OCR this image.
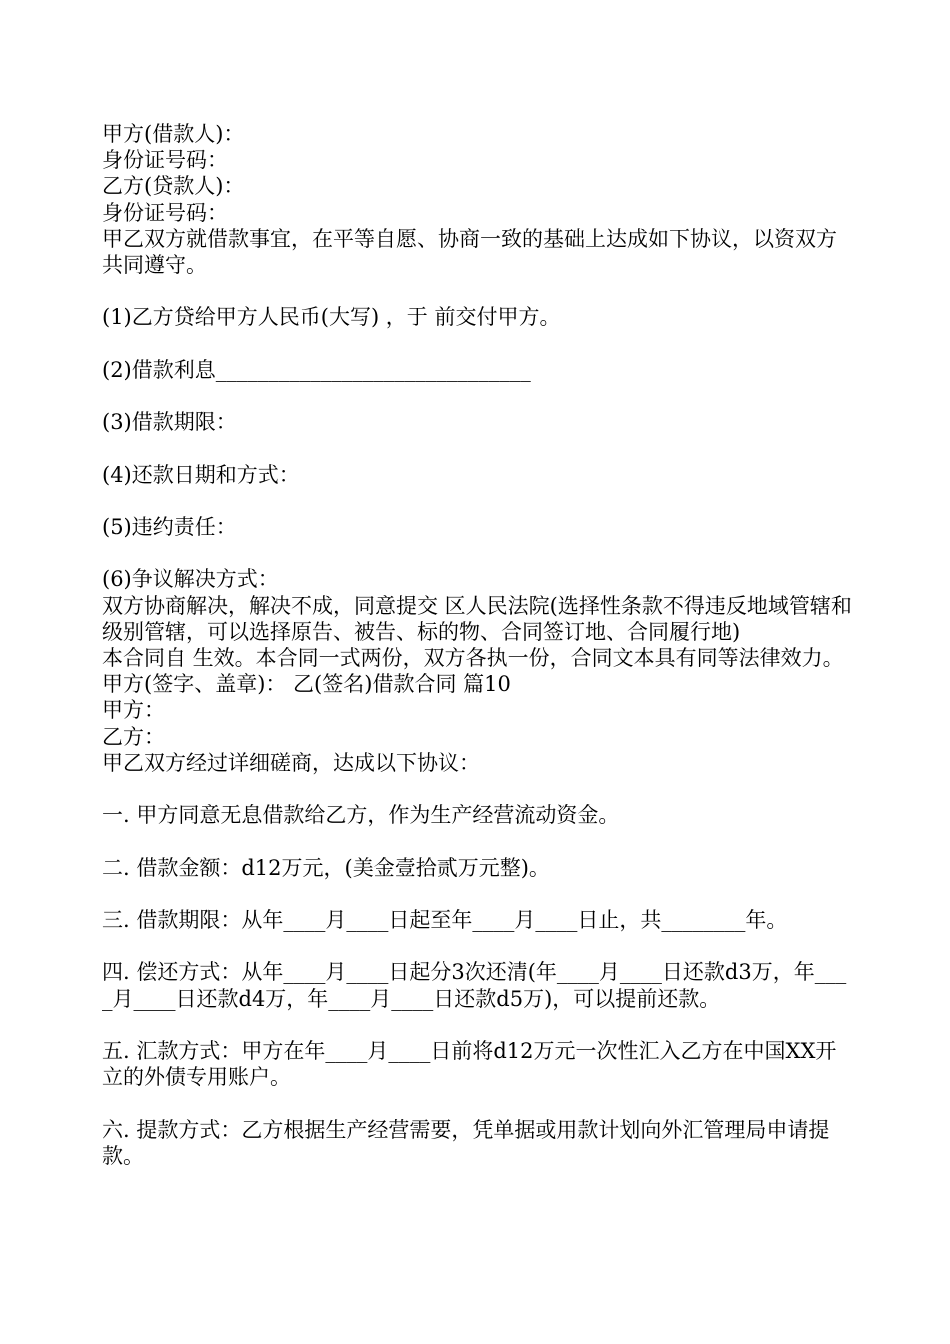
甲方(借款人)：

身份证号码：

乙方(贷款人)：

身份证号码：

甲乙双方就借款事宜，在平等自愿、协商一致的基础上达成如下协议，以资双方共同遵守。

(1)乙方贷给甲方人民币(大写) ，于 前交付甲方。

(2)借款利息______________________________

(3)借款期限：

(4)还款日期和方式：

(5)违约责任：

(6)争议解决方式：

双方协商解决，解决不成，同意提交 区人民法院(选择性条款不得违反地域管辖和级别管辖，可以选择原告、被告、标的物、合同签订地、合同履行地)

本合同自 生效。本合同一式两份，双方各执一份，合同文本具有同等法律效力。

甲方(签字、盖章)： 乙(签名)借款合同 篇10

甲方：

乙方：

甲乙双方经过详细磋商，达成以下协议：

一. 甲方同意无息借款给乙方，作为生产经营流动资金。

二. 借款金额：d12万元，(美金壹拾贰万元整)。

三. 借款期限：从年____月____日起至年____月____日止，共________年。

四. 偿还方式：从年____月____日起分3次还清(年____月____日还款d3万，年____月____日还款d4万，年____月____日还款d5万)，可以提前还款。

五. 汇款方式：甲方在年____月____日前将d12万元一次性汇入乙方在中国XX开立的外债专用账户。

六. 提款方式：乙方根据生产经营需要，凭单据或用款计划向外汇管理局申请提款。
